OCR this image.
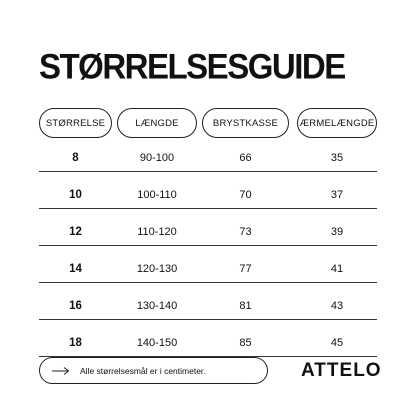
STØRRELSESGUIDE
STØRRELSE	LÆNGDE	BRYSTKASSE	ÆRMELÆNGDE
8	90-100	66	35
10	100-110	70	37
12	110-120	73	39
14	120-130	77	41
16	130-140	81	43
18	140-150	85	45
Alle størrelsesmål er i centimeter.	ATTELO
